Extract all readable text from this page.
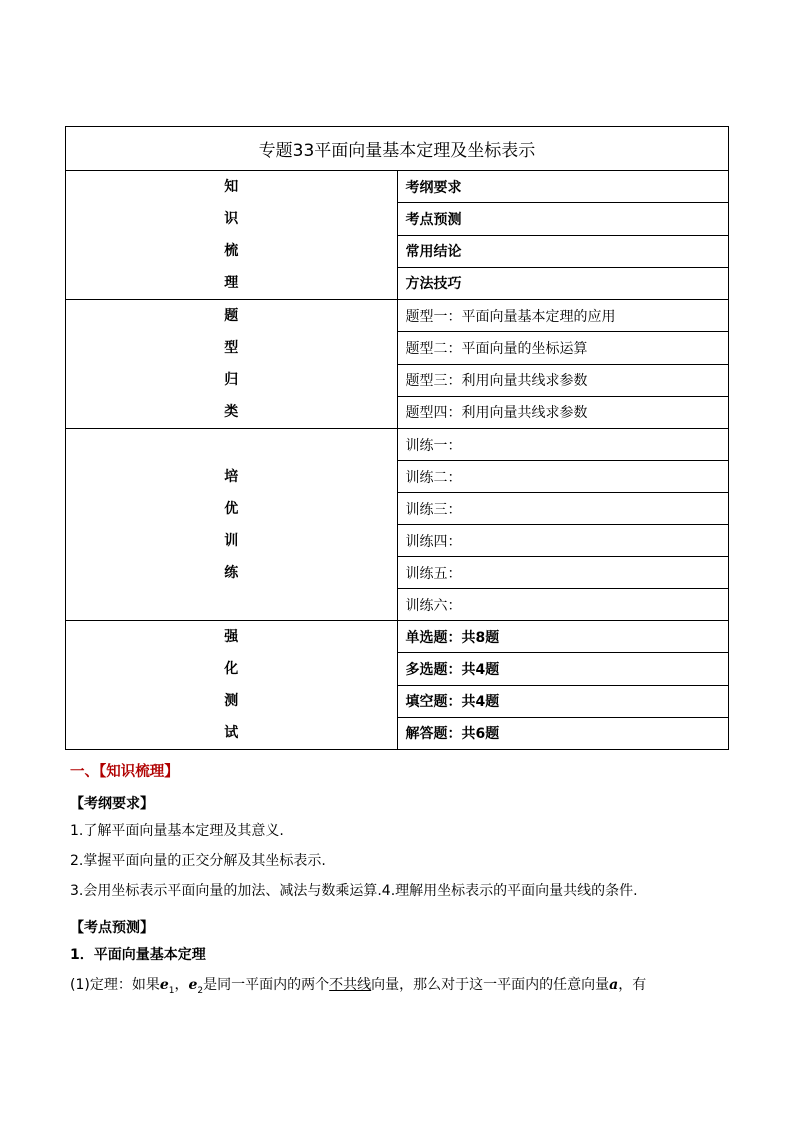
专题33平面向量基本定理及坐标表示	

知
识
梳
理	考纲要求
	考点预测
	常用结论
	方法技巧

题
型
归
类	题型一：平面向量基本定理的应用
	题型二：平面向量的坐标运算
	题型三：利用向量共线求参数
	题型四：利用向量共线求参数

培
优
训
练	训练一：
	训练二：
	训练三：
	训练四：
	训练五：
	训练六：

强
化
测
试	单选题：共8题
	多选题：共4题
	填空题：共4题
	解答题：共6题
一、【知识梳理】
【考纲要求】

1.了解平面向量基本定理及其意义.

2.掌握平面向量的正交分解及其坐标表示.

3.会用坐标表示平面向量的加法、减法与数乘运算.4.理解用坐标表示的平面向量共线的条件.

【考点预测】

1．平面向量基本定理

(1)定理：如果$e_1$，$e_2$是同一平面内的两个不共线向量，那么对于这一平面内的任意向量a，有
